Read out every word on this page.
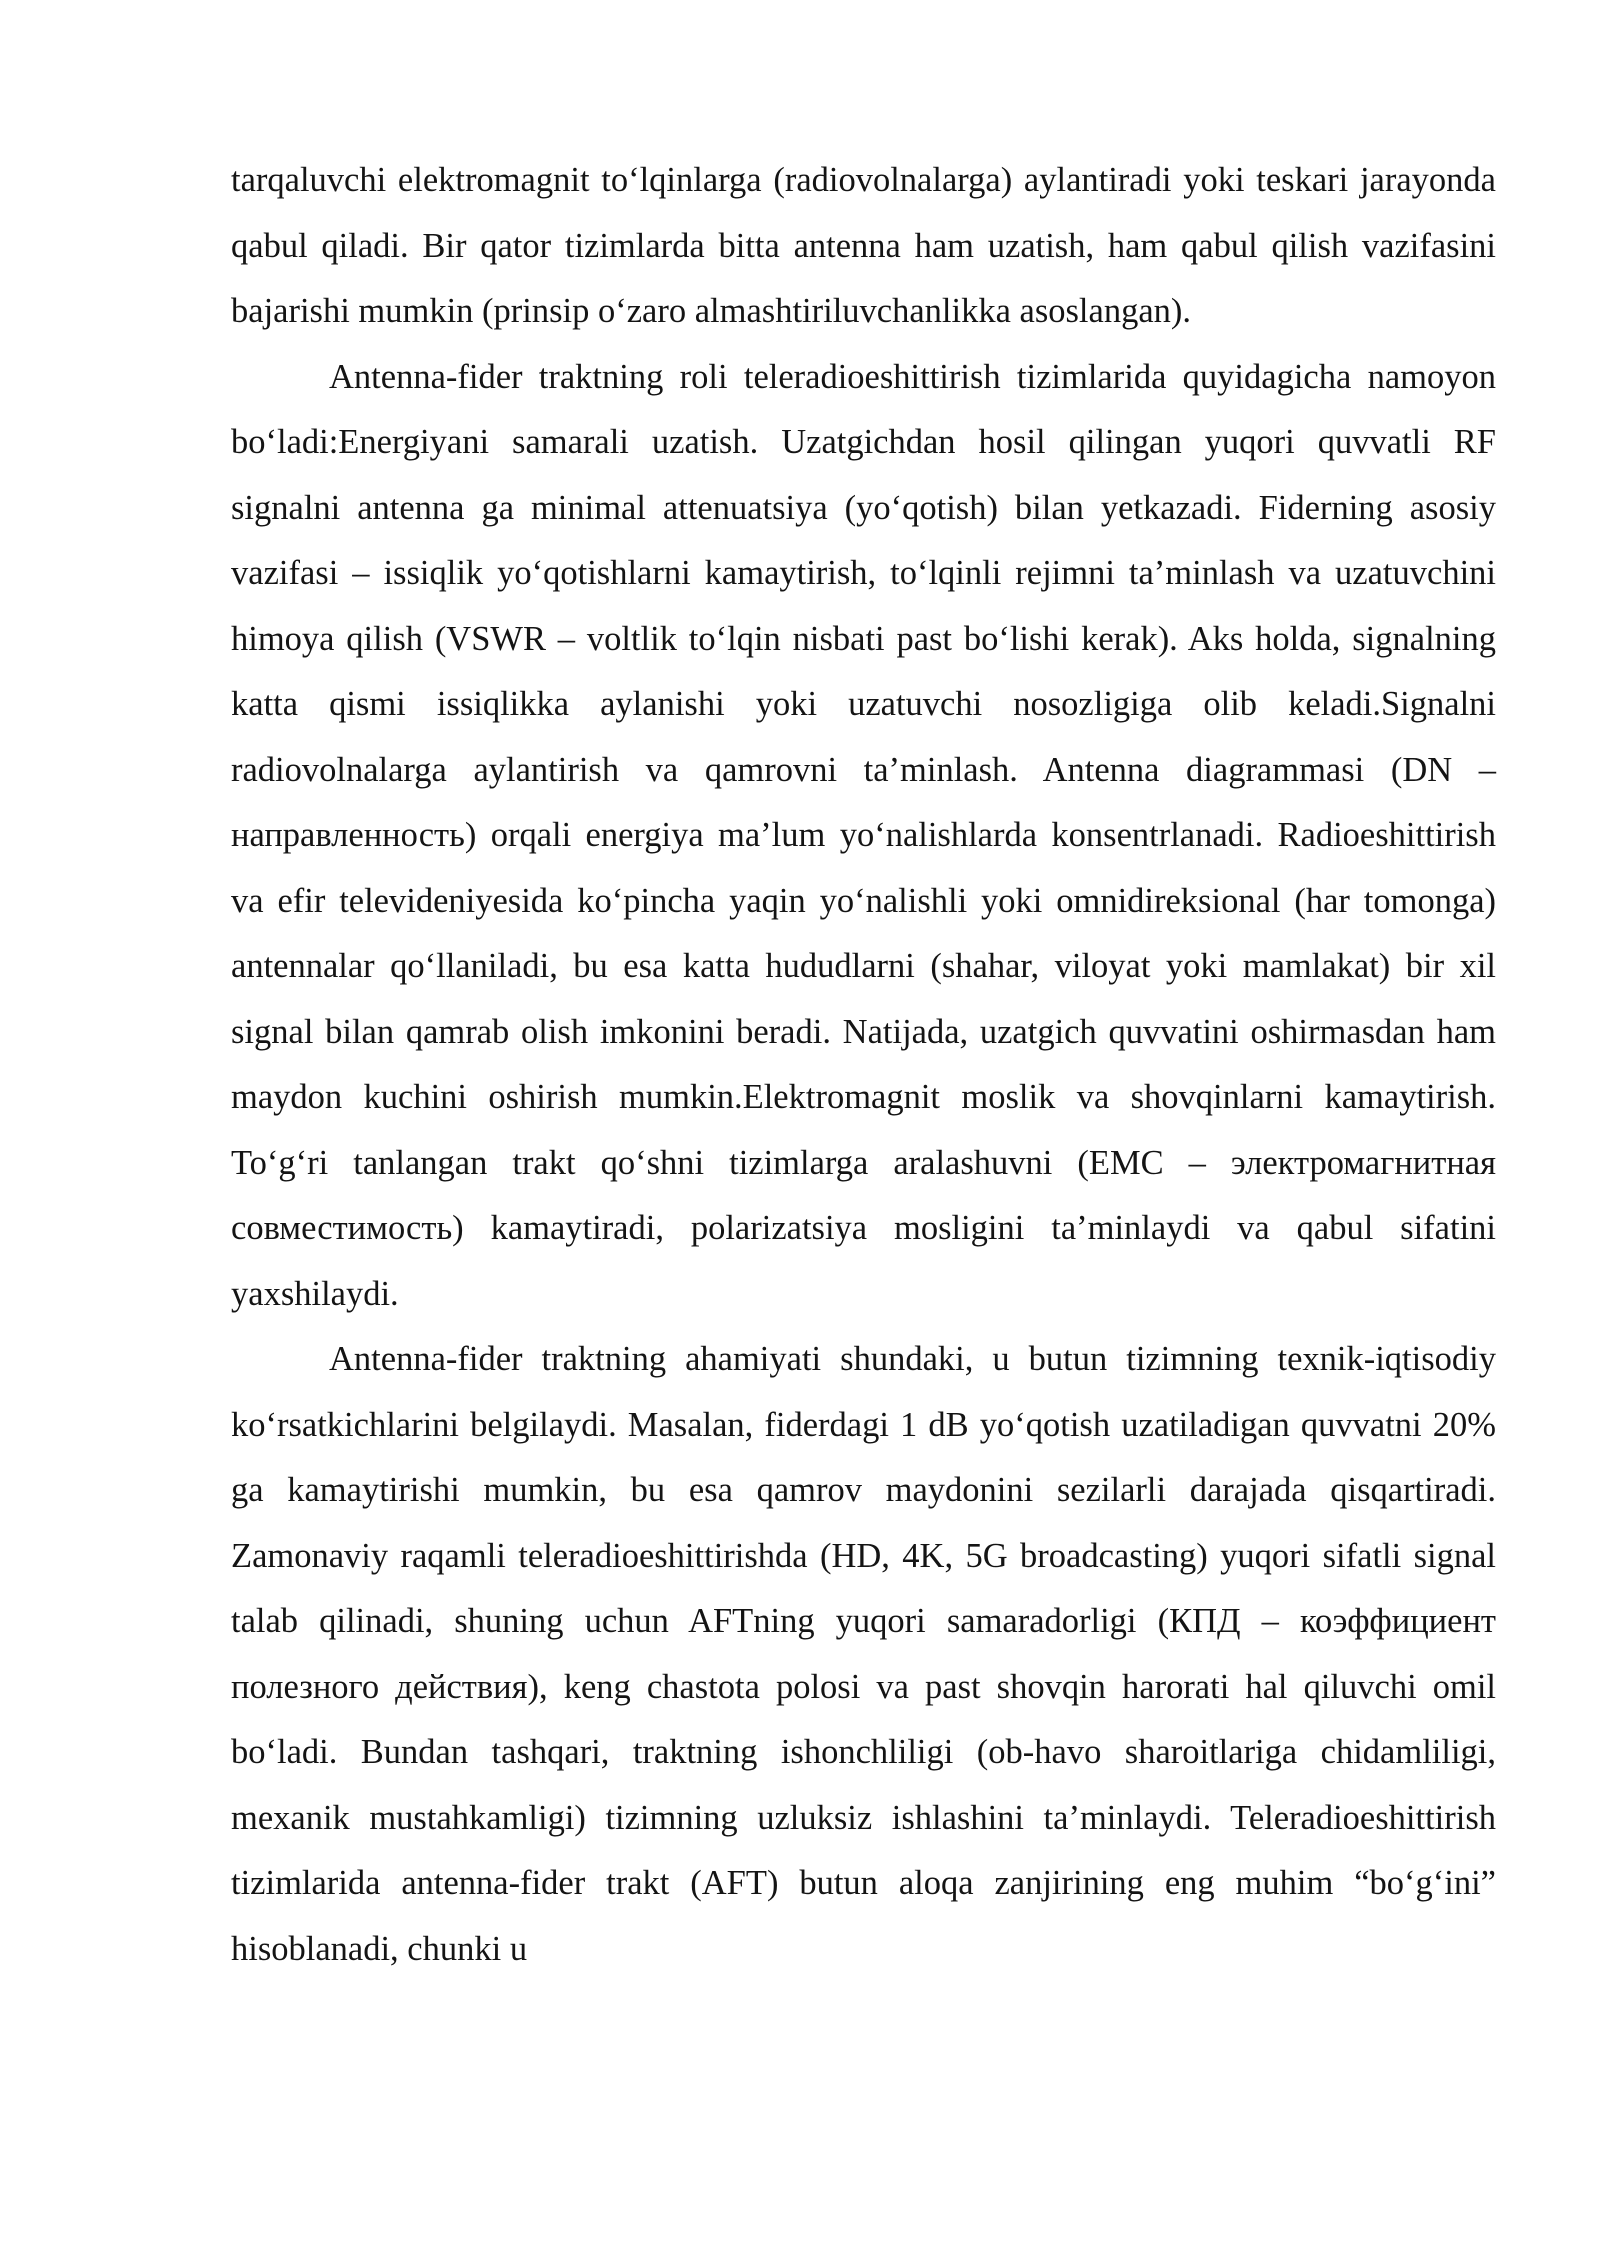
tarqaluvchi elektromagnit to‘lqinlarga (radiovolnalarga) aylantiradi yoki teskari jarayonda qabul qiladi. Bir qator tizimlarda bitta antenna ham uzatish, ham qabul qilish vazifasini bajarishi mumkin (prinsip o‘zaro almashtiriluvchanlikka asoslangan).

Antenna-fider traktning roli teleradioeshittirish tizimlarida quyidagicha namoyon bo‘ladi:Energiyani samarali uzatish. Uzatgichdan hosil qilingan yuqori quvvatli RF signalni antenna ga minimal attenuatsiya (yo‘qotish) bilan yetkazadi. Fiderning asosiy vazifasi – issiqlik yo‘qotishlarni kamaytirish, to‘lqinli rejimni ta’minlash va uzatuvchini himoya qilish (VSWR – voltlik to‘lqin nisbati past bo‘lishi kerak). Aks holda, signalning katta qismi issiqlikka aylanishi yoki uzatuvchi nosozligiga olib keladi.Signalni radiovolnalarga aylantirish va qamrovni ta’minlash. Antenna diagrammasi (DN – направленность) orqali energiya ma’lum yo‘nalishlarda konsentrlanadi. Radioeshittirish va efir televideniyesida ko‘pincha yaqin yo‘nalishli yoki omnidireksional (har tomonga) antennalar qo‘llaniladi, bu esa katta hududlarni (shahar, viloyat yoki mamlakat) bir xil signal bilan qamrab olish imkonini beradi. Natijada, uzatgich quvvatini oshirmasdan ham maydon kuchini oshirish mumkin.Elektromagnit moslik va shovqinlarni kamaytirish. To‘g‘ri tanlangan trakt qo‘shni tizimlarga aralashuvni (EMC – электромагнитная совместимость) kamaytiradi, polarizatsiya mosligini ta’minlaydi va qabul sifatini yaxshilaydi.

Antenna-fider traktning ahamiyati shundaki, u butun tizimning texnik-iqtisodiy ko‘rsatkichlarini belgilaydi. Masalan, fiderdagi 1 dB yo‘qotish uzatiladigan quvvatni 20% ga kamaytirishi mumkin, bu esa qamrov maydonini sezilarli darajada qisqartiradi. Zamonaviy raqamli teleradioeshittirishda (HD, 4K, 5G broadcasting) yuqori sifatli signal talab qilinadi, shuning uchun AFTning yuqori samaradorligi (КПД – коэффициент полезного действия), keng chastota polosi va past shovqin harorati hal qiluvchi omil bo‘ladi. Bundan tashqari, traktning ishonchliligi (ob-havo sharoitlariga chidamliligi, mexanik mustahkamligi) tizimning uzluksiz ishlashini ta’minlaydi. Teleradioeshittirish tizimlarida antenna-fider trakt (AFT) butun aloqa zanjirining eng muhim “bo‘g‘ini” hisoblanadi, chunki u
